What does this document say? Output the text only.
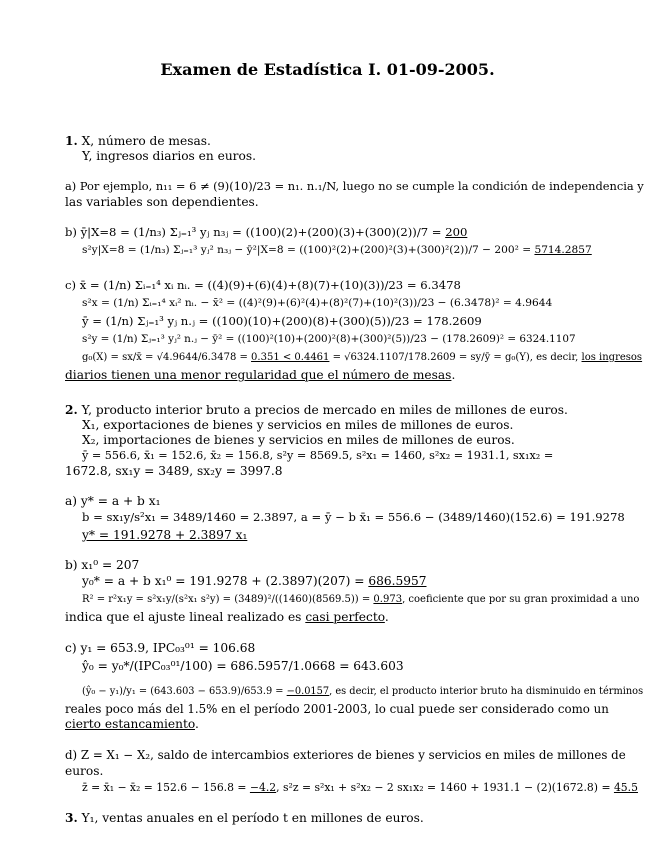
Examen de Estadística I. 01-09-2005.
1. X, número de mesas.
Y, ingresos diarios en euros.
a) Por ejemplo, n₁₁ = 6 ≠ (9)(10)/23 = n₁. n.₁/N, luego no se cumple la condición de independencia y
las variables son dependientes.
b) ȳ|X=8 = (1/n₃) Σⱼ₌₁³ yⱼ n₃ⱼ = ((100)(2)+(200)(3)+(300)(2))/7 = 200
s²y|X=8 = (1/n₃) Σⱼ₌₁³ yⱼ² n₃ⱼ − ȳ²|X=8 = ((100)²(2)+(200)²(3)+(300)²(2))/7 − 200² = 5714.2857
c) x̄ = (1/n) Σᵢ₌₁⁴ xᵢ nᵢ. = ((4)(9)+(6)(4)+(8)(7)+(10)(3))/23 = 6.3478
s²x = (1/n) Σᵢ₌₁⁴ xᵢ² nᵢ. − x̄² = ((4)²(9)+(6)²(4)+(8)²(7)+(10)²(3))/23 − (6.3478)² = 4.9644
ȳ = (1/n) Σⱼ₌₁³ yⱼ n.ⱼ = ((100)(10)+(200)(8)+(300)(5))/23 = 178.2609
s²y = (1/n) Σⱼ₌₁³ yⱼ² n.ⱼ − ȳ² = ((100)²(10)+(200)²(8)+(300)²(5))/23 − (178.2609)² = 6324.1107
g₀(X) = sx/x̄ = √4.9644/6.3478 = 0.351 < 0.4461 = √6324.1107/178.2609 = sy/ȳ = g₀(Y), es decir, los ingresos
diarios tienen una menor regularidad que el número de mesas.
2. Y, producto interior bruto a precios de mercado en miles de millones de euros.
X₁, exportaciones de bienes y servicios en miles de millones de euros.
X₂, importaciones de bienes y servicios en miles de millones de euros.
ȳ = 556.6, x̄₁ = 152.6, x̄₂ = 156.8, s²y = 8569.5, s²x₁ = 1460, s²x₂ = 1931.1, sx₁x₂ =
1672.8, sx₁y = 3489, sx₂y = 3997.8
a) y* = a + b x₁
b = sx₁y/s²x₁ = 3489/1460 = 2.3897, a = ȳ − b x̄₁ = 556.6 − (3489/1460)(152.6) = 191.9278
y* = 191.9278 + 2.3897 x₁
b) x₁⁰ = 207
y₀* = a + b x₁⁰ = 191.9278 + (2.3897)(207) = 686.5957
R² = r²x₁y = s²x₁y/(s²x₁ s²y) = (3489)²/((1460)(8569.5)) = 0.973, coeficiente que por su gran proximidad a uno
indica que el ajuste lineal realizado es casi perfecto.
c) y₁ = 653.9, IPC₀₃⁰¹ = 106.68
ŷ₀ = y₀*/(IPC₀₃⁰¹/100) = 686.5957/1.0668 = 643.603
(ŷ₀ − y₁)/y₁ = (643.603 − 653.9)/653.9 = −0.0157, es decir, el producto interior bruto ha disminuido en términos
reales poco más del 1.5% en el período 2001-2003, lo cual puede ser considerado como un
cierto estancamiento.
d) Z = X₁ − X₂, saldo de intercambios exteriores de bienes y servicios en miles de millones de
euros.
z̄ = x̄₁ − x̄₂ = 152.6 − 156.8 = −4.2, s²z = s²x₁ + s²x₂ − 2 sx₁x₂ = 1460 + 1931.1 − (2)(1672.8) = 45.5
3. Y₁, ventas anuales en el período t en millones de euros.
